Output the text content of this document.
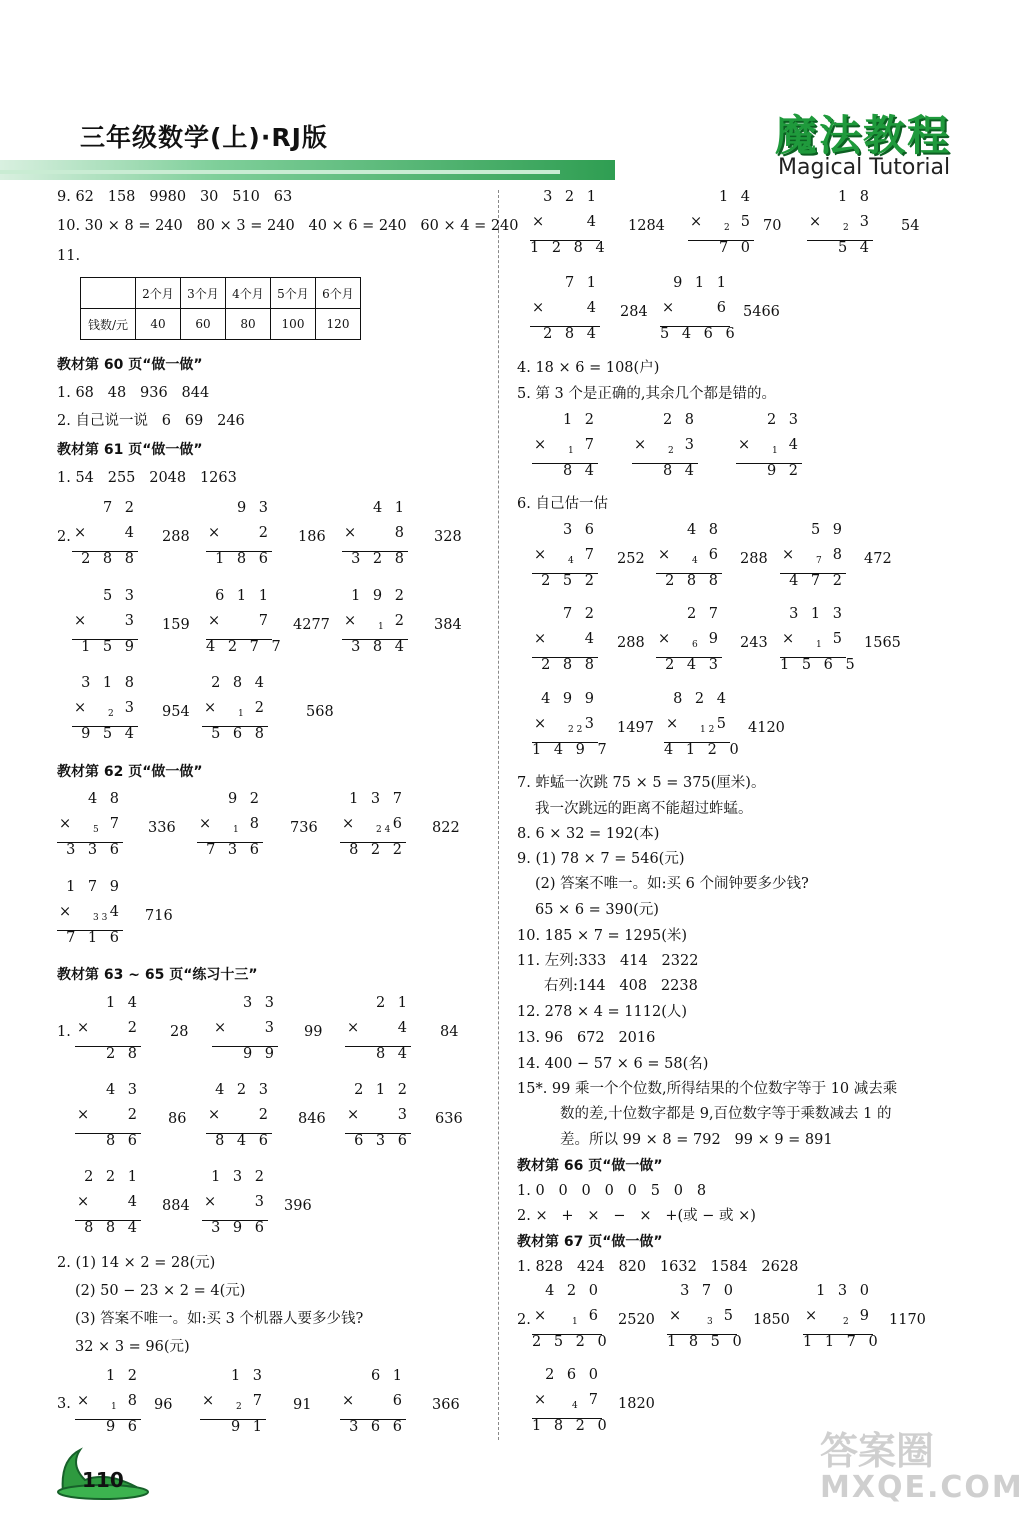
三年级数学(上)·RJ版	魔法教程
Magical Tutorial
9. 62   158   9980   30   510   63
10. 30 × 8 = 240   80 × 3 = 240   40 × 6 = 240   60 × 4 = 240
11.
	2个月	3个月	4个月	5个月	6个月
钱数/元	40	60	80	100	120
教材第 60 页“做一做”
1. 68   48   936   844
2. 自己说一说   6   69   246
教材第 61 页“做一做”
1. 54   255   2048   1263
2.
教材第 62 页“做一做”
教材第 63 ~ 65 页“练习十三”
1.
2. (1) 14 × 2 = 28(元)
(2) 50 − 23 × 2 = 4(元)
(3) 答案不唯一。如:买 3 个机器人要多少钱?
32 × 3 = 96(元)
3.
4. 18 × 6 = 108(户)
5. 第 3 个是正确的,其余几个都是错的。
6. 自己估一估
7. 蚱蜢一次跳 75 × 5 = 375(厘米)。
我一次跳远的距离不能超过蚱蜢。
8. 6 × 32 = 192(本)
9. (1) 78 × 7 = 546(元)
(2) 答案不唯一。如:买 6 个闹钟要多少钱?
65 × 6 = 390(元)
10. 185 × 7 = 1295(米)
11. 左列:333   414   2322
右列:144   408   2238
12. 278 × 4 = 1112(人)
13. 96   672   2016
14. 400 − 57 × 6 = 58(名)
15*. 99 乘一个个位数,所得结果的个位数字等于 10 减去乘
数的差,十位数字都是 9,百位数字等于乘数减去 1 的
差。所以 99 × 8 = 792   99 × 9 = 891
教材第 66 页“做一做”
1. 0   0   0   0   0   5   0   8
2. ×   +   ×   −   ×   +(或 − 或 ×)
教材第 67 页“做一做”
1. 828   424   820   1632   1584   2628
2.
3 2 1
4
×
1 2 8 4
1284
1 4
5
× 2
7 0
70
1 8
3
× 2
5 4
54
7 1
4
×
2 8 4
284
9 1 1
6
×
5 4 6 6
5466
1 2
7
× 1
8 4
2 8
3
× 2
8 4
2 3
4
× 1
9 2
3 6
7
× 4
2 5 2
252
4 8
6
× 4
2 8 8
288
5 9
8
× 7
4 7 2
472
7 2
4
×
2 8 8
288
2 7
9
× 6
2 4 3
243
3 1 3
5
× 1
1 5 6 5
1565
4 9 9
3
× 2 2
1 4 9 7
1497
8 2 4
5
× 1 2
4 1 2 0
4120
4 2 0
6
×	1
2 5 2 0
2520
3 7 0
5
×	3
1 8 5 0
1850
1 3 0
9
×	2
1 1 7 0
1170
2 6 0
7
×	4
1 8 2 0
1820
7 2
4
×
2 8 8
288
9 3
2
×
1 8 6
186
4 1
8
×
3 2 8
328
5 3
3
×
1 5 9
159
6 1 1
7
×
4 2 7 7
4277
1 9 2
2
× 1
3 8 4
384
3 1 8
3
× 2
9 5 4
954
2 8 4
2
× 1
5 6 8
568
4 8
7
× 5
3 3 6
336
9 2
8
× 1
7 3 6
736
1 3 7
6
× 2 4
8 2 2
822
1 7 9
4
× 3 3
7 1 6
716
1 4
2
×
2 8
28
3 3
3
×
9 9
99
2 1
4
×
8 4
84
4 3
2
×
8 6
86
4 2 3
2
×
8 4 6
846
2 1 2
3
×
6 3 6
636
2 2 1
4
×
8 8 4
884
1 3 2
3
×
3 9 6
396
1 2
8
× 1
9 6
96
1 3
7
× 2
9 1
91
6 1
6
×
3 6 6
366
110
答案圈
MXQE.COM
